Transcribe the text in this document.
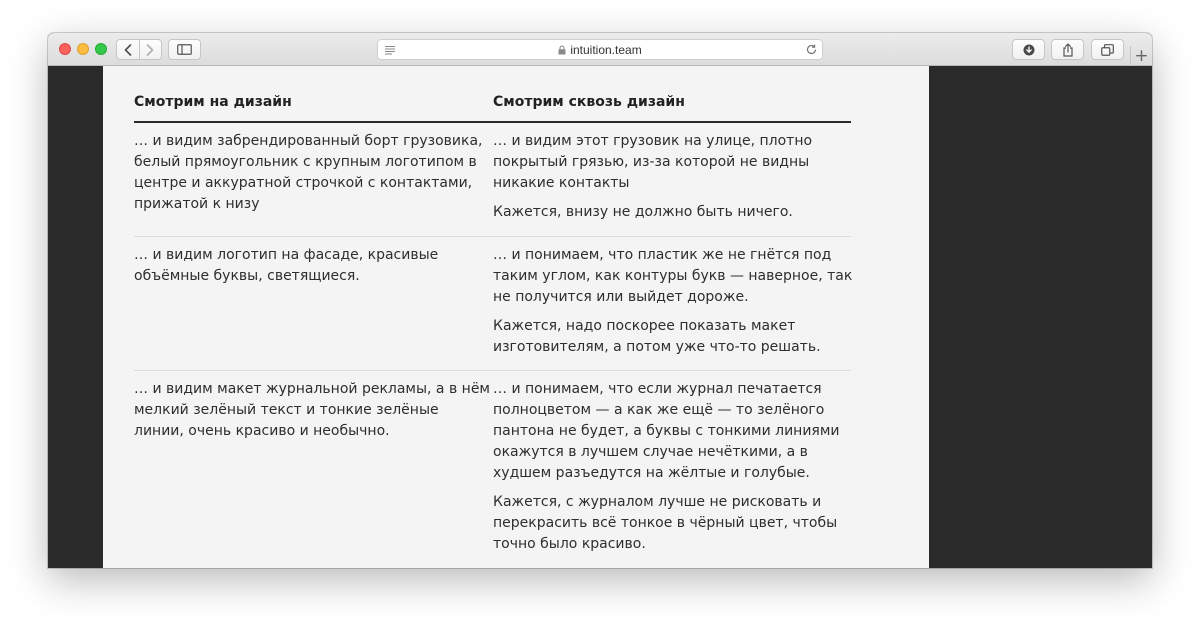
intuition.team	+
Смотрим на дизайн	Смотрим сквозь дизайн

… и видим забрендированный борт грузовика,
белый прямоугольник с крупным логотипом в
центре и аккуратной строчкой с контактами,
прижатой к низу

… и видим этот грузовик на улице, плотно
покрытый грязью, из-за которой не видны
никакие контакты

Кажется, внизу не должно быть ничего.

… и видим логотип на фасаде, красивые
объёмные буквы, светящиеся.

… и понимаем, что пластик же не гнётся под
таким углом, как контуры букв — наверное, так
не получится или выйдет дороже.

Кажется, надо поскорее показать макет
изготовителям, а потом уже что-то решать.

… и видим макет журнальной рекламы, а в нём
мелкий зелёный текст и тонкие зелёные
линии, очень красиво и необычно.

… и понимаем, что если журнал печатается
полноцветом — а как же ещё — то зелёного
пантона не будет, а буквы с тонкими линиями
окажутся в лучшем случае нечёткими, а в
худшем разъедутся на жёлтые и голубые.

Кажется, с журналом лучше не рисковать и
перекрасить всё тонкое в чёрный цвет, чтобы
точно было красиво.
